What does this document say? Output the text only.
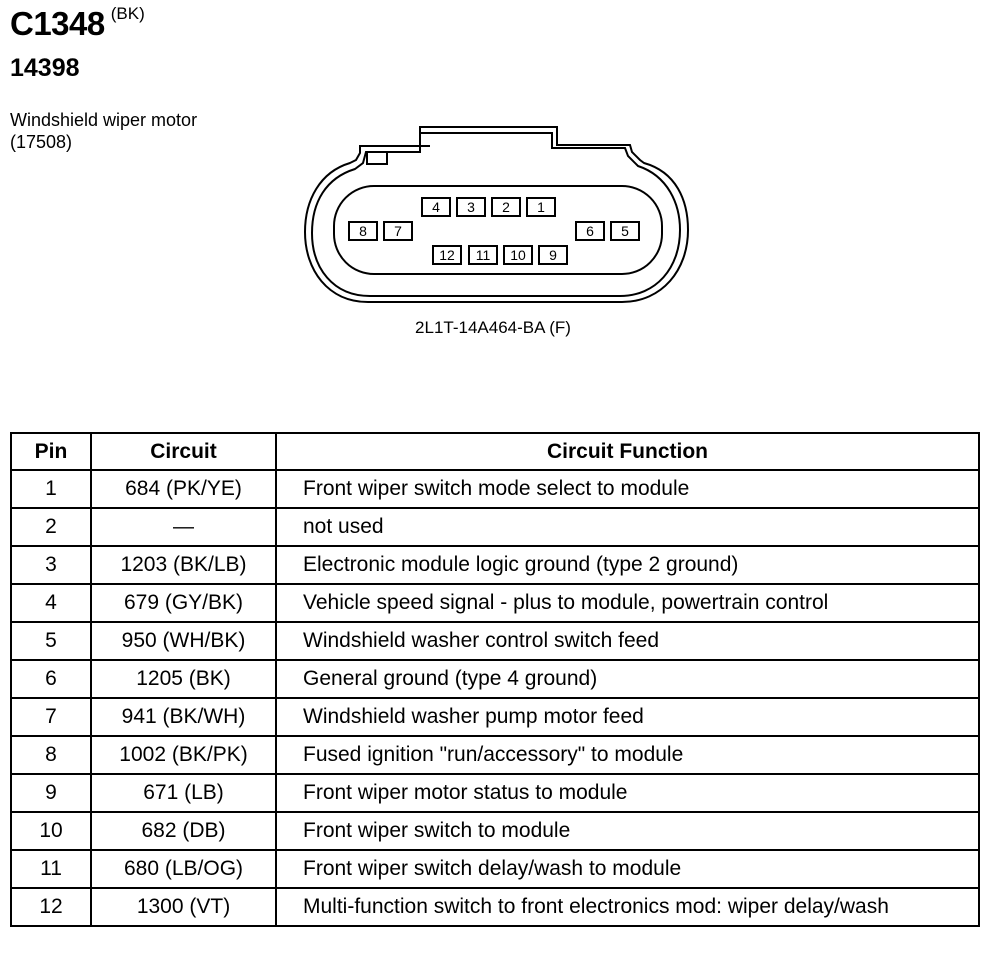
C1348 (BK)
14398
Windshield wiper motor
(17508)
4 3 2 1
8 7	6 5
12 11 10 9
2L1T-14A464-BA (F)
Pin	Circuit	Circuit Function
1	684 (PK/YE)	Front wiper switch mode select to module
2	—	not used
3	1203 (BK/LB)	Electronic module logic ground (type 2 ground)
4	679 (GY/BK)	Vehicle speed signal - plus to module, powertrain control
5	950 (WH/BK)	Windshield washer control switch feed
6	1205 (BK)	General ground (type 4 ground)
7	941 (BK/WH)	Windshield washer pump motor feed
8	1002 (BK/PK)	Fused ignition "run/accessory" to module
9	671 (LB)	Front wiper motor status to module
10	682 (DB)	Front wiper switch to module
11	680 (LB/OG)	Front wiper switch delay/wash to module
12	1300 (VT)	Multi-function switch to front electronics mod: wiper delay/wash
